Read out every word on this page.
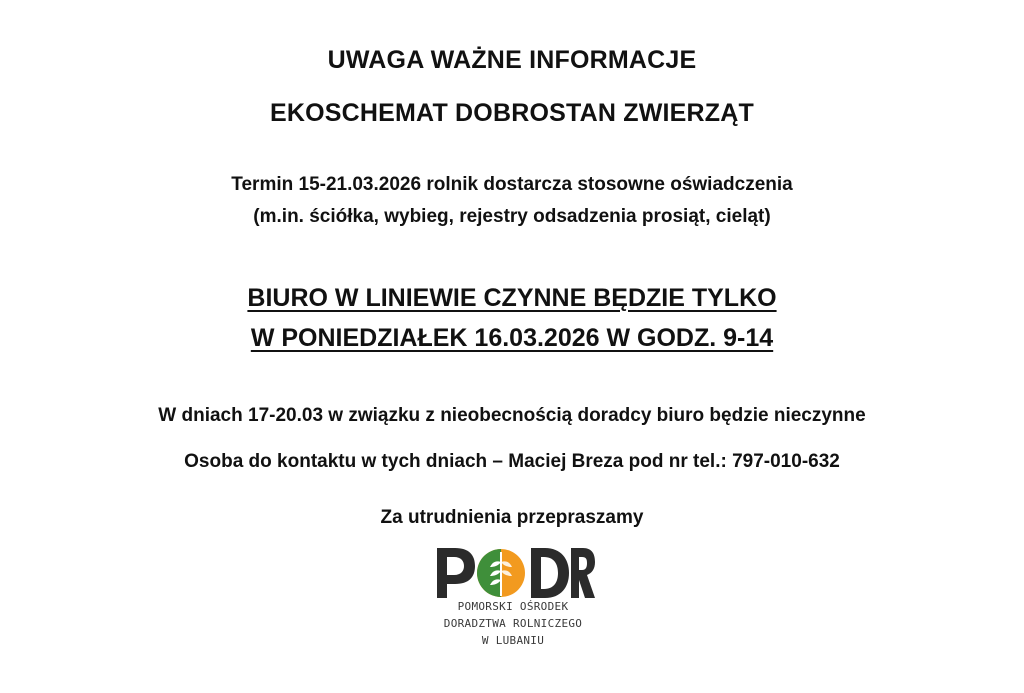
UWAGA WAŻNE INFORMACJE
EKOSCHEMAT DOBROSTAN ZWIERZĄT
Termin 15-21.03.2026 rolnik dostarcza stosowne oświadczenia
(m.in. ściółka, wybieg, rejestry odsadzenia prosiąt, cieląt)
BIURO W LINIEWIE CZYNNE BĘDZIE TYLKO
W PONIEDZIAŁEK 16.03.2026 W GODZ. 9-14
W dniach 17-20.03 w związku z nieobecnością doradcy biuro będzie nieczynne
Osoba do kontaktu w tych dniach – Maciej Breza pod nr tel.: 797-010-632
Za utrudnienia przepraszamy
POMORSKI OŚRODEK
DORADZTWA ROLNICZEGO
W LUBANIU
